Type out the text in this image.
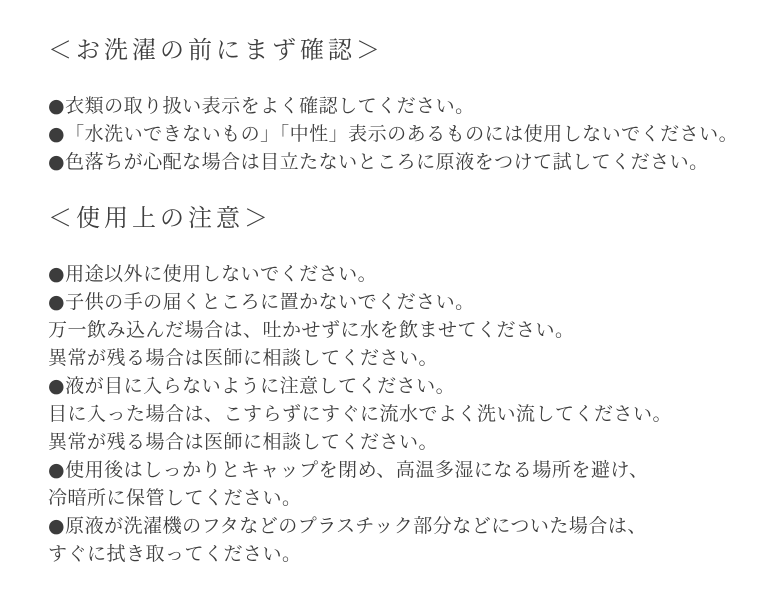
＜お洗濯の前にまず確認＞

●衣類の取り扱い表示をよく確認してください。

●「水洗いできないもの」「中性」表示のあるものには使用しないでください。

●色落ちが心配な場合は目立たないところに原液をつけて試してください。

＜使用上の注意＞

●用途以外に使用しないでください。

●子供の手の届くところに置かないでください。

万一飲み込んだ場合は、吐かせずに水を飲ませてください。

異常が残る場合は医師に相談してください。

●液が目に入らないように注意してください。

目に入った場合は、こすらずにすぐに流水でよく洗い流してください。

異常が残る場合は医師に相談してください。

●使用後はしっかりとキャップを閉め、高温多湿になる場所を避け、

冷暗所に保管してください。

●原液が洗濯機のフタなどのプラスチック部分などについた場合は、

すぐに拭き取ってください。
